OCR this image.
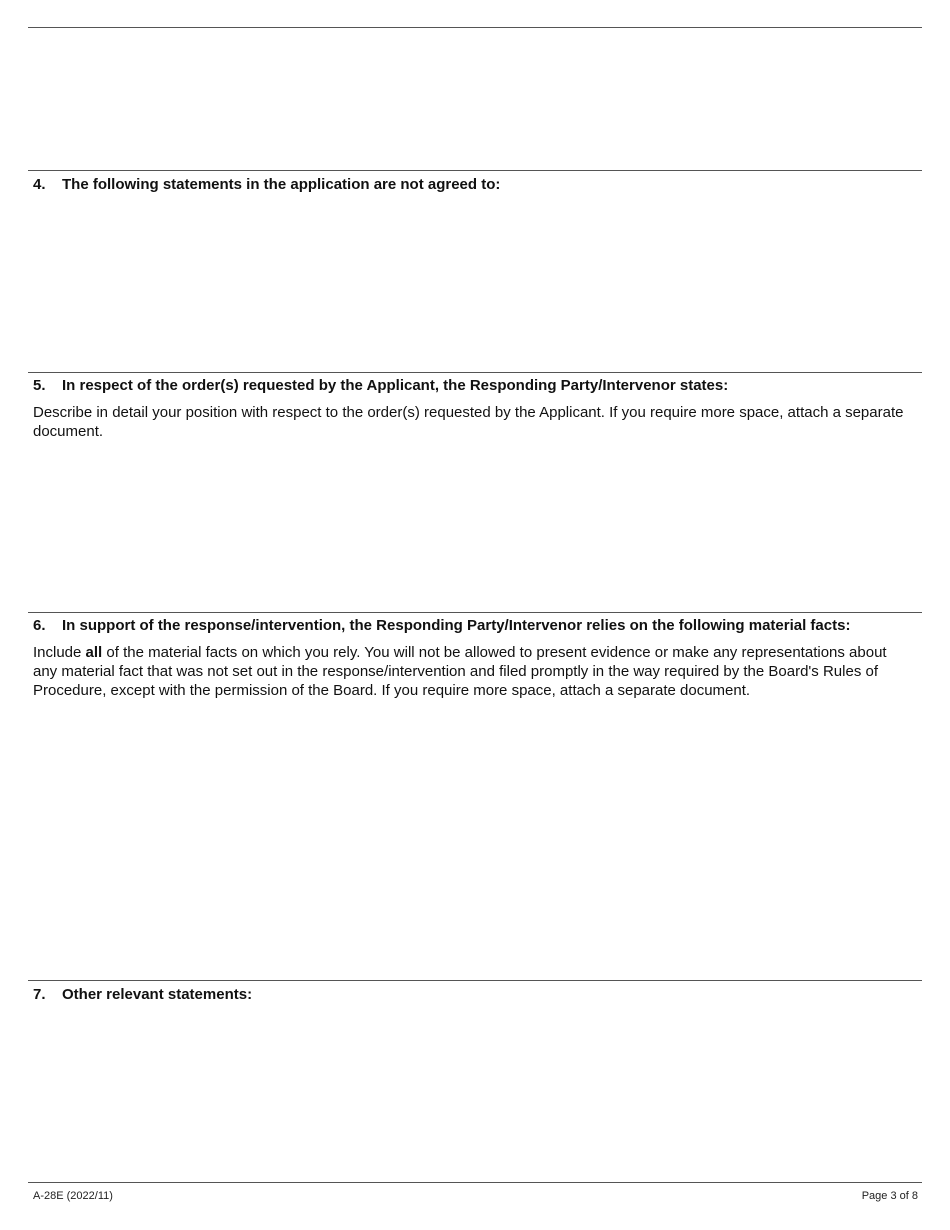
4. The following statements in the application are not agreed to:
5. In respect of the order(s) requested by the Applicant, the Responding Party/Intervenor states:
Describe in detail your position with respect to the order(s) requested by the Applicant. If you require more space, attach a separate document.
6. In support of the response/intervention, the Responding Party/Intervenor relies on the following material facts:
Include all of the material facts on which you rely. You will not be allowed to present evidence or make any representations about any material fact that was not set out in the response/intervention and filed promptly in the way required by the Board's Rules of Procedure, except with the permission of the Board. If you require more space, attach a separate document.
7. Other relevant statements:
A-28E (2022/11)	Page 3 of 8
